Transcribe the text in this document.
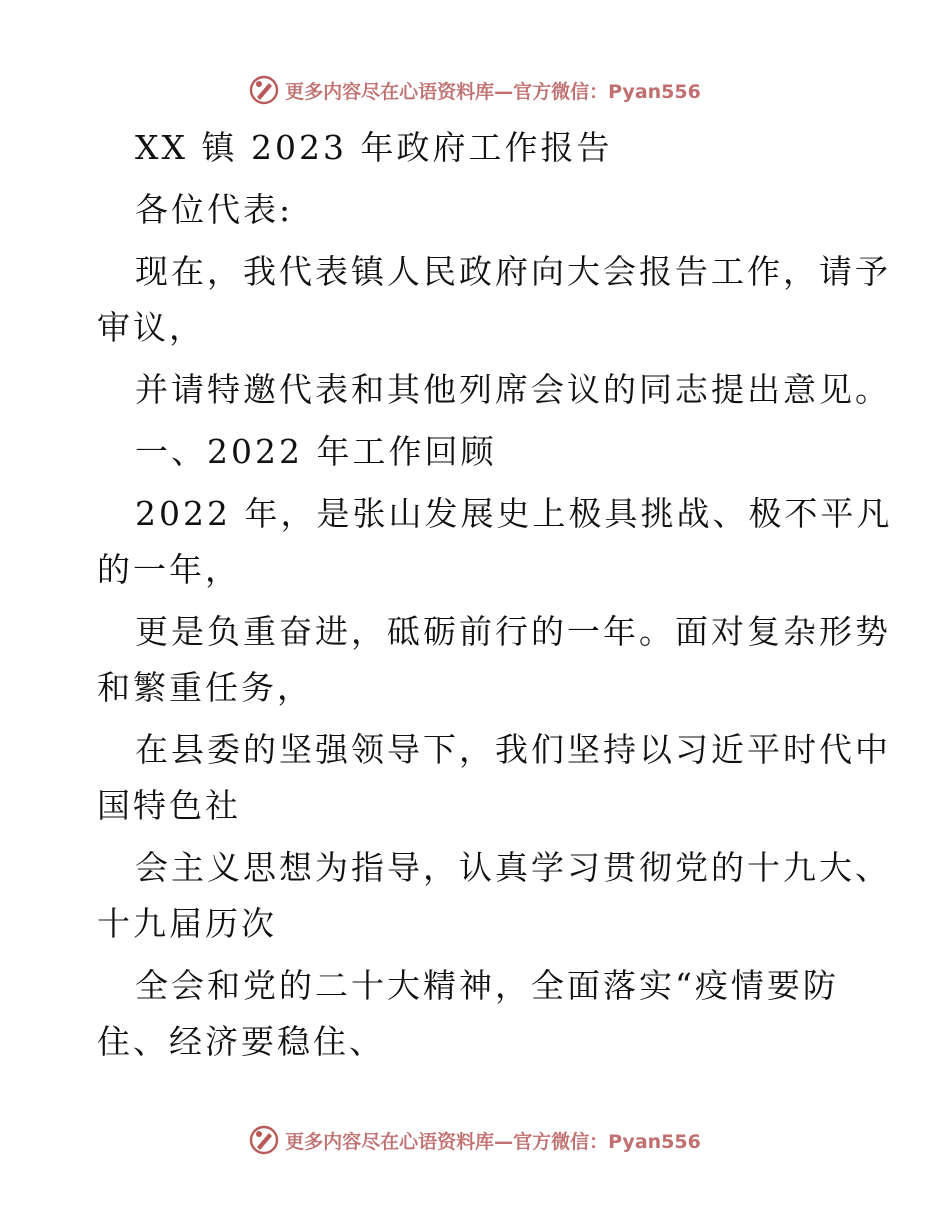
更多内容尽在心语资料库—官方微信：Pyan556

XX 镇 2023 年政府工作报告

各位代表:

现在，我代表镇人民政府向大会报告工作，请予

审议，

并请特邀代表和其他列席会议的同志提出意见。

一、2022 年工作回顾

2022 年，是张山发展史上极具挑战、极不平凡

的一年，

更是负重奋进，砥砺前行的一年。面对复杂形势

和繁重任务，

在县委的坚强领导下，我们坚持以习近平时代中

国特色社

会主义思想为指导，认真学习贯彻党的十九大、

十九届历次

全会和党的二十大精神，全面落实“疫情要防

住、经济要稳住、

更多内容尽在心语资料库—官方微信：Pyan556
